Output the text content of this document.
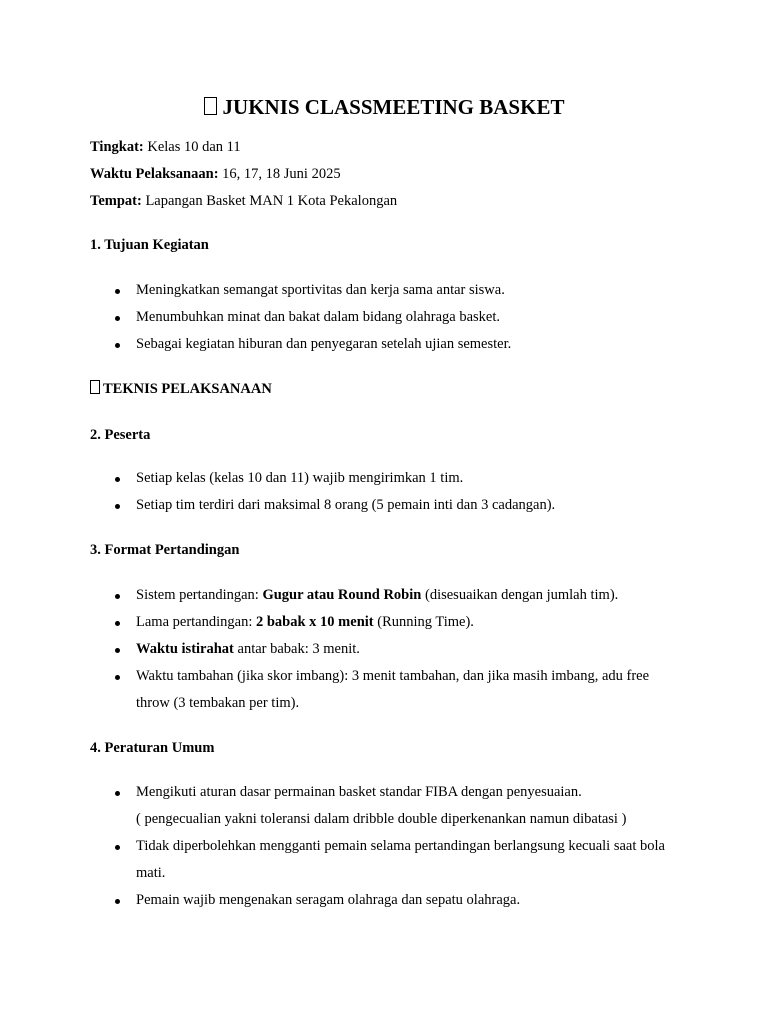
JUKNIS CLASSMEETING BASKET

Tingkat: Kelas 10 dan 11

Waktu Pelaksanaan: 16, 17, 18 Juni 2025

Tempat: Lapangan Basket MAN 1 Kota Pekalongan

1. Tujuan Kegiatan
Meningkatkan semangat sportivitas dan kerja sama antar siswa.
Menumbuhkan minat dan bakat dalam bidang olahraga basket.
Sebagai kegiatan hiburan dan penyegaran setelah ujian semester.
TEKNIS PELAKSANAAN
2. Peserta
Setiap kelas (kelas 10 dan 11) wajib mengirimkan 1 tim.
Setiap tim terdiri dari maksimal 8 orang (5 pemain inti dan 3 cadangan).
3. Format Pertandingan
Sistem pertandingan: Gugur atau Round Robin (disesuaikan dengan jumlah tim).
Lama pertandingan: 2 babak x 10 menit (Running Time).
Waktu istirahat antar babak: 3 menit.
Waktu tambahan (jika skor imbang): 3 menit tambahan, dan jika masih imbang, adu free throw (3 tembakan per tim).
4. Peraturan Umum
Mengikuti aturan dasar permainan basket standar FIBA dengan penyesuaian.
( pengecualian yakni toleransi dalam dribble double diperkenankan namun dibatasi )
Tidak diperbolehkan mengganti pemain selama pertandingan berlangsung kecuali saat bola mati.
Pemain wajib mengenakan seragam olahraga dan sepatu olahraga.
